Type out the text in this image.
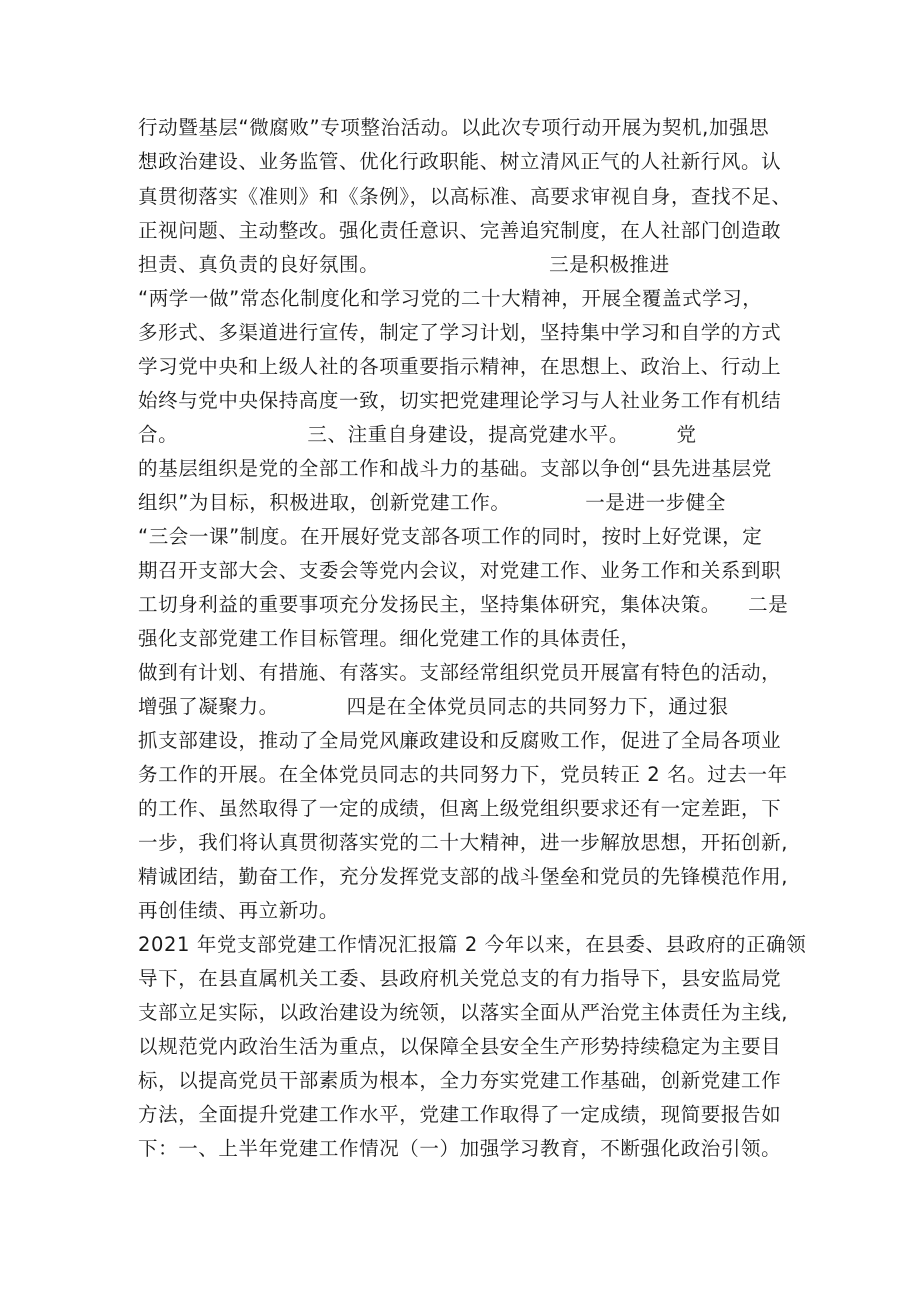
行动暨基层“微腐败”专项整治活动。以此次专项行动开展为契机,加强思
想政治建设、业务监管、优化行政职能、树立清风正气的人社新行风。认
真贯彻落实《准则》和《条例》，以高标准、高要求审视自身，查找不足、
正视问题、主动整改。强化责任意识、完善追究制度，在人社部门创造敢
担责、真负责的良好氛围。                         三是积极推进
“两学一做”常态化制度化和学习党的二十大精神，开展全覆盖式学习，
多形式、多渠道进行宣传，制定了学习计划，坚持集中学习和自学的方式
学习党中央和上级人社的各项重要指示精神，在思想上、政治上、行动上
始终与党中央保持高度一致，切实把党建理论学习与人社业务工作有机结
合。                   三、注重自身建设，提高党建水平。       党
的基层组织是党的全部工作和战斗力的基础。支部以争创“县先进基层党
组织”为目标，积极进取，创新党建工作。           一是进一步健全
“三会一课”制度。在开展好党支部各项工作的同时，按时上好党课，定
期召开支部大会、支委会等党内会议，对党建工作、业务工作和关系到职
工切身利益的重要事项充分发扬民主，坚持集体研究，集体决策。    二是
强化支部党建工作目标管理。细化党建工作的具体责任，
做到有计划、有措施、有落实。支部经常组织党员开展富有特色的活动，
增强了凝聚力。          四是在全体党员同志的共同努力下，通过狠
抓支部建设，推动了全局党风廉政建设和反腐败工作，促进了全局各项业
务工作的开展。在全体党员同志的共同努力下，党员转正 2 名。过去一年
的工作、虽然取得了一定的成绩，但离上级党组织要求还有一定差距，下
一步，我们将认真贯彻落实党的二十大精神，进一步解放思想，开拓创新,
精诚团结，勤奋工作，充分发挥党支部的战斗堡垒和党员的先锋模范作用,
再创佳绩、再立新功。
2021 年党支部党建工作情况汇报篇 2 今年以来，在县委、县政府的正确领
导下，在县直属机关工委、县政府机关党总支的有力指导下，县安监局党
支部立足实际，以政治建设为统领，以落实全面从严治党主体责任为主线,
以规范党内政治生活为重点，以保障全县安全生产形势持续稳定为主要目
标，以提高党员干部素质为根本，全力夯实党建工作基础，创新党建工作
方法，全面提升党建工作水平，党建工作取得了一定成绩，现简要报告如
下：一、上半年党建工作情况（一）加强学习教育，不断强化政治引领。
